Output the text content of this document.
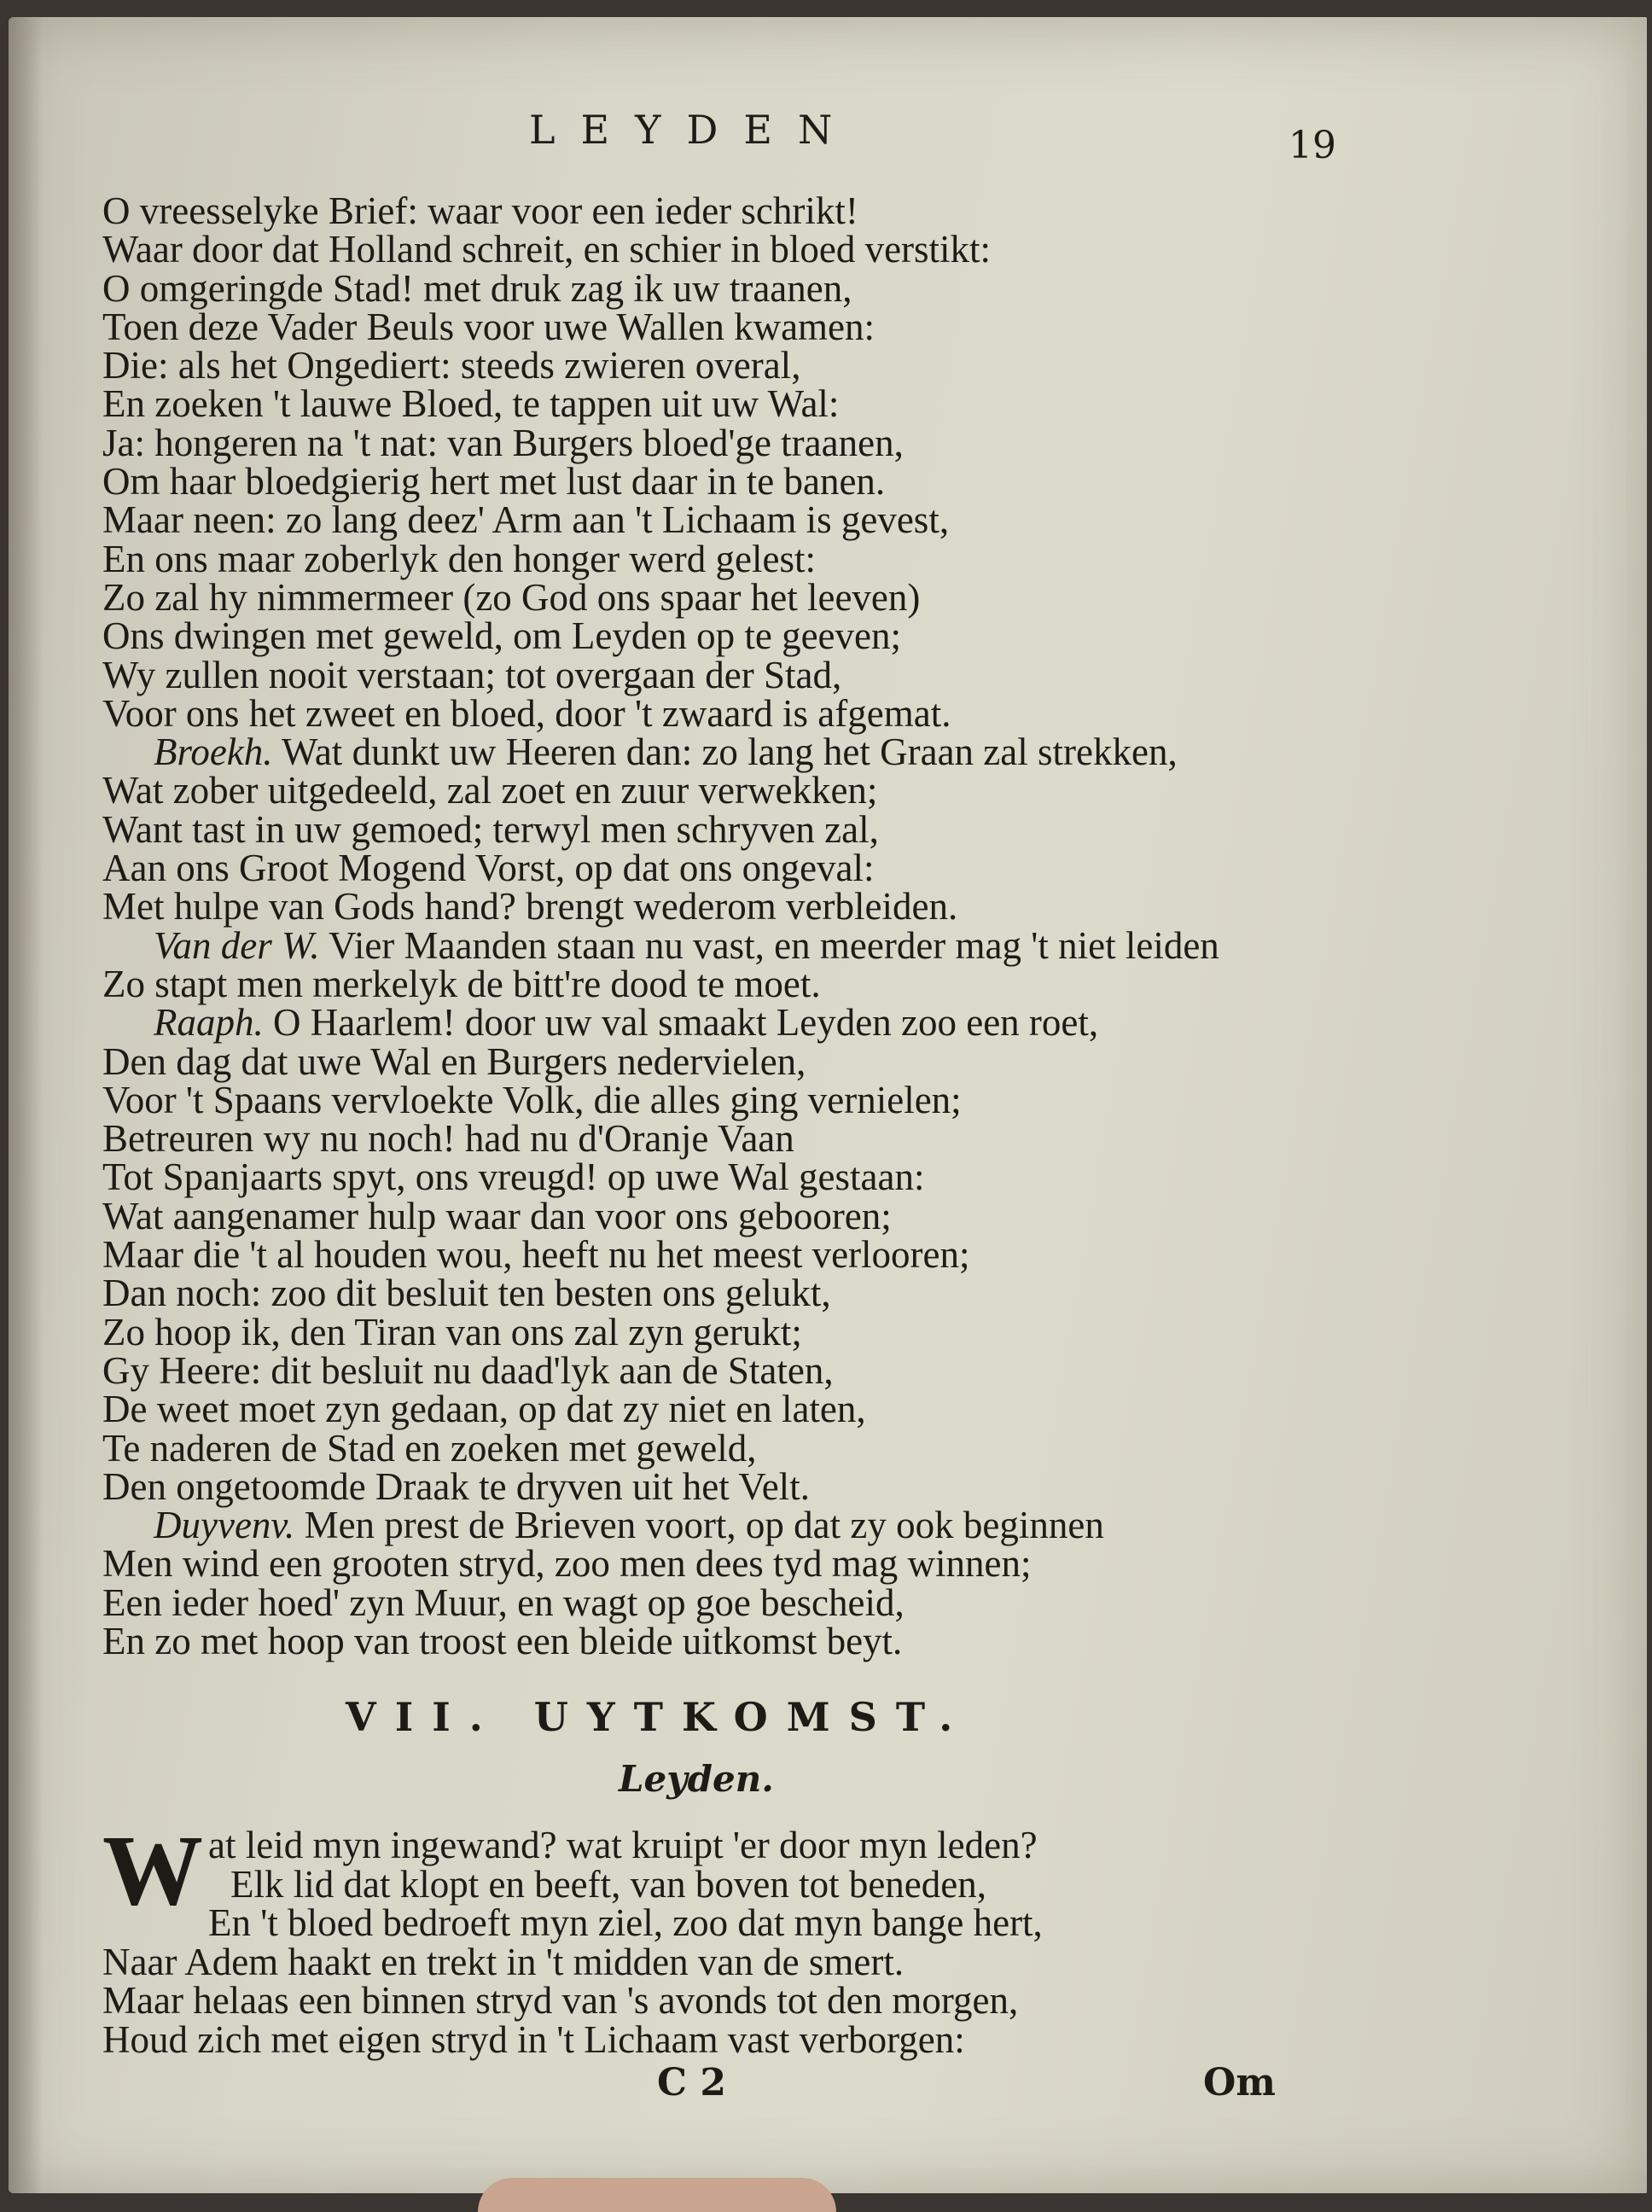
LEYDEN	19
O vreesselyke Brief: waar voor een ieder schrikt!
Waar door dat Holland schreit, en schier in bloed verstikt:
O omgeringde Stad! met druk zag ik uw traanen,
Toen deze Vader Beuls voor uwe Wallen kwamen:
Die: als het Ongediert: steeds zwieren overal,
En zoeken 't lauwe Bloed, te tappen uit uw Wal:
Ja: hongeren na 't nat: van Burgers bloed'ge traanen,
Om haar bloedgierig hert met lust daar in te banen.
Maar neen: zo lang deez' Arm aan 't Lichaam is gevest,
En ons maar zoberlyk den honger werd gelest:
Zo zal hy nimmermeer (zo God ons spaar het leeven)
Ons dwingen met geweld, om Leyden op te geeven;
Wy zullen nooit verstaan; tot overgaan der Stad,
Voor ons het zweet en bloed, door 't zwaard is afgemat.
Broekh. Wat dunkt uw Heeren dan: zo lang het Graan zal strekken,
Wat zober uitgedeeld, zal zoet en zuur verwekken;
Want tast in uw gemoed; terwyl men schryven zal,
Aan ons Groot Mogend Vorst, op dat ons ongeval:
Met hulpe van Gods hand? brengt wederom verbleiden.
Van der W. Vier Maanden staan nu vast, en meerder mag 't niet leiden
Zo stapt men merkelyk de bitt're dood te moet.
Raaph. O Haarlem! door uw val smaakt Leyden zoo een roet,
Den dag dat uwe Wal en Burgers nedervielen,
Voor 't Spaans vervloekte Volk, die alles ging vernielen;
Betreuren wy nu noch! had nu d'Oranje Vaan
Tot Spanjaarts spyt, ons vreugd! op uwe Wal gestaan:
Wat aangenamer hulp waar dan voor ons gebooren;
Maar die 't al houden wou, heeft nu het meest verlooren;
Dan noch: zoo dit besluit ten besten ons gelukt,
Zo hoop ik, den Tiran van ons zal zyn gerukt;
Gy Heere: dit besluit nu daad'lyk aan de Staten,
De weet moet zyn gedaan, op dat zy niet en laten,
Te naderen de Stad en zoeken met geweld,
Den ongetoomde Draak te dryven uit het Velt.
Duyvenv. Men prest de Brieven voort, op dat zy ook beginnen
Men wind een grooten stryd, zoo men dees tyd mag winnen;
Een ieder hoed' zyn Muur, en wagt op goe bescheid,
En zo met hoop van troost een bleide uitkomst beyt.
VII. UYTKOMST.
Leyden.
W at leid myn ingewand? wat kruipt 'er door myn leden?
Elk lid dat klopt en beeft, van boven tot beneden,
En 't bloed bedroeft myn ziel, zoo dat myn bange hert,
Naar Adem haakt en trekt in 't midden van de smert.
Maar helaas een binnen stryd van 's avonds tot den morgen,
Houd zich met eigen stryd in 't Lichaam vast verborgen:
C 2	Om
